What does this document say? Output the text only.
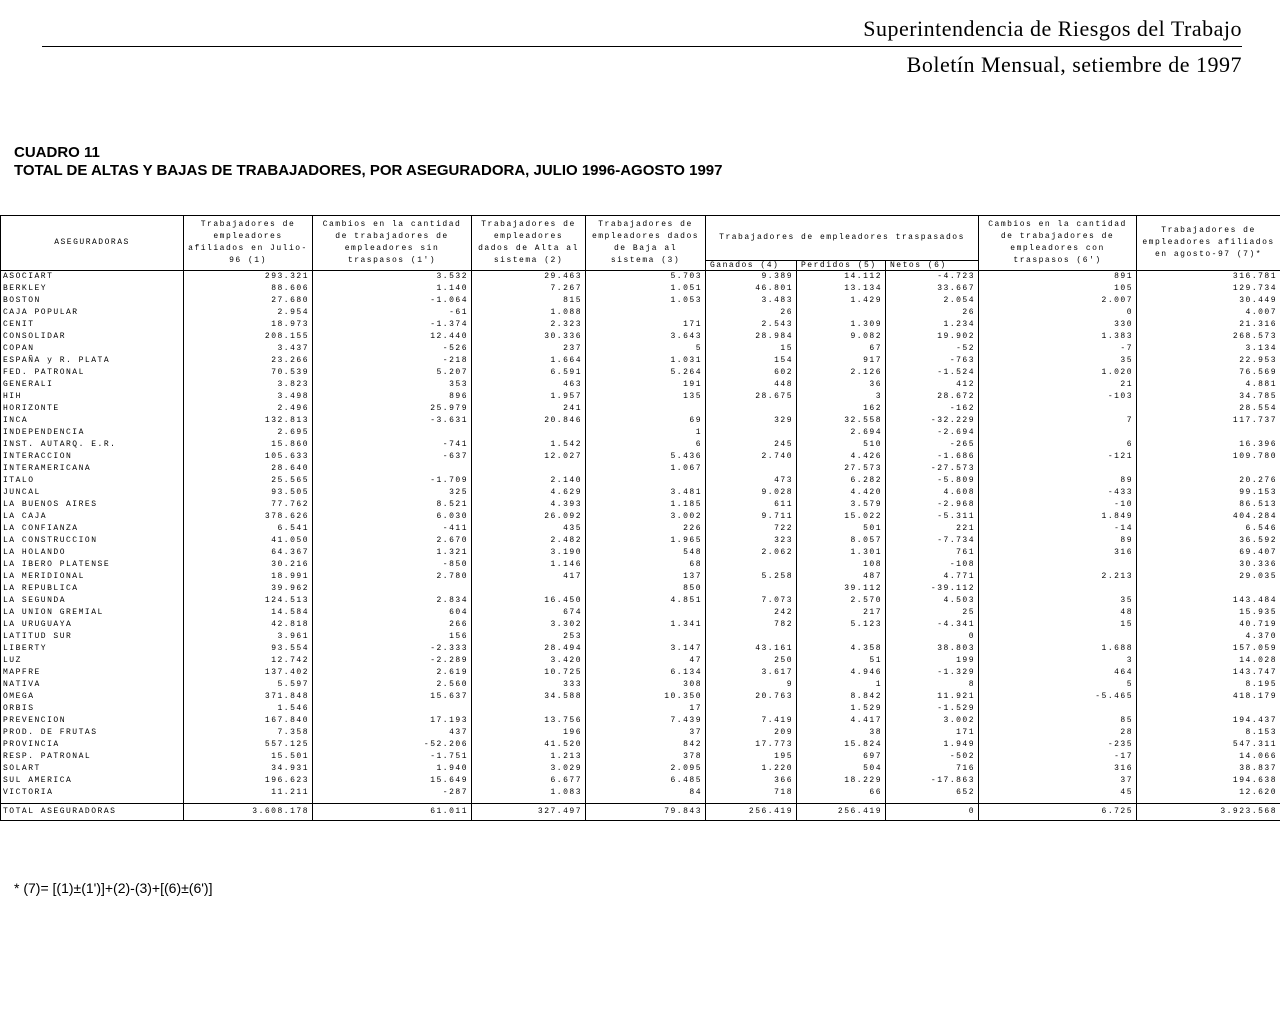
Superintendencia de Riesgos del Trabajo
Boletín Mensual, setiembre de 1997
CUADRO 11
TOTAL DE ALTAS Y BAJAS DE TRABAJADORES, POR ASEGURADORA, JULIO 1996-AGOSTO 1997
ASEGURADORAS	Trabajadores de empleadores afiliados en Julio-96 (1)	Cambios en la cantidad de trabajadores de empleadores sin traspasos (1')	Trabajadores de empleadores dados de Alta al sistema (2)	Trabajadores de empleadores dados de Baja al sistema (3)	Trabajadores de empleadores traspasados			Cambios en la cantidad de trabajadores de empleadores con traspasos (6')	Trabajadores de empleadores afiliados en agosto-97 (7)*
					Ganados (4)	Perdidos (5)	Netos (6)		
ASOCIART	293.321	3.532	29.463	5.703	9.389	14.112	-4.723	891	316.781
BERKLEY	88.606	1.140	7.267	1.051	46.801	13.134	33.667	105	129.734
BOSTON	27.680	-1.064	815	1.053	3.483	1.429	2.054	2.007	30.449
CAJA POPULAR	2.954	-61	1.088		26		26	0	4.007
CENIT	18.973	-1.374	2.323	171	2.543	1.309	1.234	330	21.316
CONSOLIDAR	208.155	12.440	30.336	3.643	28.984	9.082	19.902	1.383	268.573
COPAN	3.437	-526	237	5	15	67	-52	-7	3.134
ESPAÑA y R. PLATA	23.266	-218	1.664	1.031	154	917	-763	35	22.953
FED. PATRONAL	70.539	5.207	6.591	5.264	602	2.126	-1.524	1.020	76.569
GENERALI	3.823	353	463	191	448	36	412	21	4.881
HIH	3.498	896	1.957	135	28.675	3	28.672	-103	34.785
HORIZONTE	2.496	25.979	241			162	-162		28.554
INCA	132.813	-3.631	20.846	69	329	32.558	-32.229	7	117.737
INDEPENDENCIA	2.695			1		2.694	-2.694		
INST. AUTARQ. E.R.	15.860	-741	1.542	6	245	510	-265	6	16.396
INTERACCION	105.633	-637	12.027	5.436	2.740	4.426	-1.686	-121	109.780
INTERAMERICANA	28.640			1.067		27.573	-27.573		
ITALO	25.565	-1.709	2.140		473	6.282	-5.809	89	20.276
JUNCAL	93.505	325	4.629	3.481	9.028	4.420	4.608	-433	99.153
LA BUENOS AIRES	77.762	8.521	4.393	1.185	611	3.579	-2.968	-10	86.513
LA CAJA	378.626	6.030	26.092	3.002	9.711	15.022	-5.311	1.849	404.284
LA CONFIANZA	6.541	-411	435	226	722	501	221	-14	6.546
LA CONSTRUCCION	41.050	2.670	2.482	1.965	323	8.057	-7.734	89	36.592
LA HOLANDO	64.367	1.321	3.190	548	2.062	1.301	761	316	69.407
LA IBERO PLATENSE	30.216	-850	1.146	68		108	-108		30.336
LA MERIDIONAL	18.991	2.780	417	137	5.258	487	4.771	2.213	29.035
LA REPUBLICA	39.962			850		39.112	-39.112		
LA SEGUNDA	124.513	2.834	16.450	4.851	7.073	2.570	4.503	35	143.484
LA UNION GREMIAL	14.584	604	674		242	217	25	48	15.935
LA URUGUAYA	42.818	266	3.302	1.341	782	5.123	-4.341	15	40.719
LATITUD SUR	3.961	156	253				0		4.370
LIBERTY	93.554	-2.333	28.494	3.147	43.161	4.358	38.803	1.688	157.059
LUZ	12.742	-2.289	3.420	47	250	51	199	3	14.028
MAPFRE	137.402	2.619	10.725	6.134	3.617	4.946	-1.329	464	143.747
NATIVA	5.597	2.560	333	308	9	1	8	5	8.195
OMEGA	371.848	15.637	34.588	10.350	20.763	8.842	11.921	-5.465	418.179
ORBIS	1.546			17		1.529	-1.529		
PREVENCION	167.840	17.193	13.756	7.439	7.419	4.417	3.002	85	194.437
PROD. DE FRUTAS	7.358	437	196	37	209	38	171	28	8.153
PROVINCIA	557.125	-52.206	41.520	842	17.773	15.824	1.949	-235	547.311
RESP. PATRONAL	15.501	-1.751	1.213	378	195	697	-502	-17	14.066
SOLART	34.931	1.940	3.029	2.095	1.220	504	716	316	38.837
SUL AMERICA	196.623	15.649	6.677	6.485	366	18.229	-17.863	37	194.638
VICTORIA	11.211	-287	1.083	84	718	66	652	45	12.620

TOTAL ASEGURADORAS	3.608.178	61.011	327.497	79.843	256.419	256.419	0	6.725	3.923.568
* (7)= [(1)±(1')]+(2)-(3)+[(6)±(6')]
